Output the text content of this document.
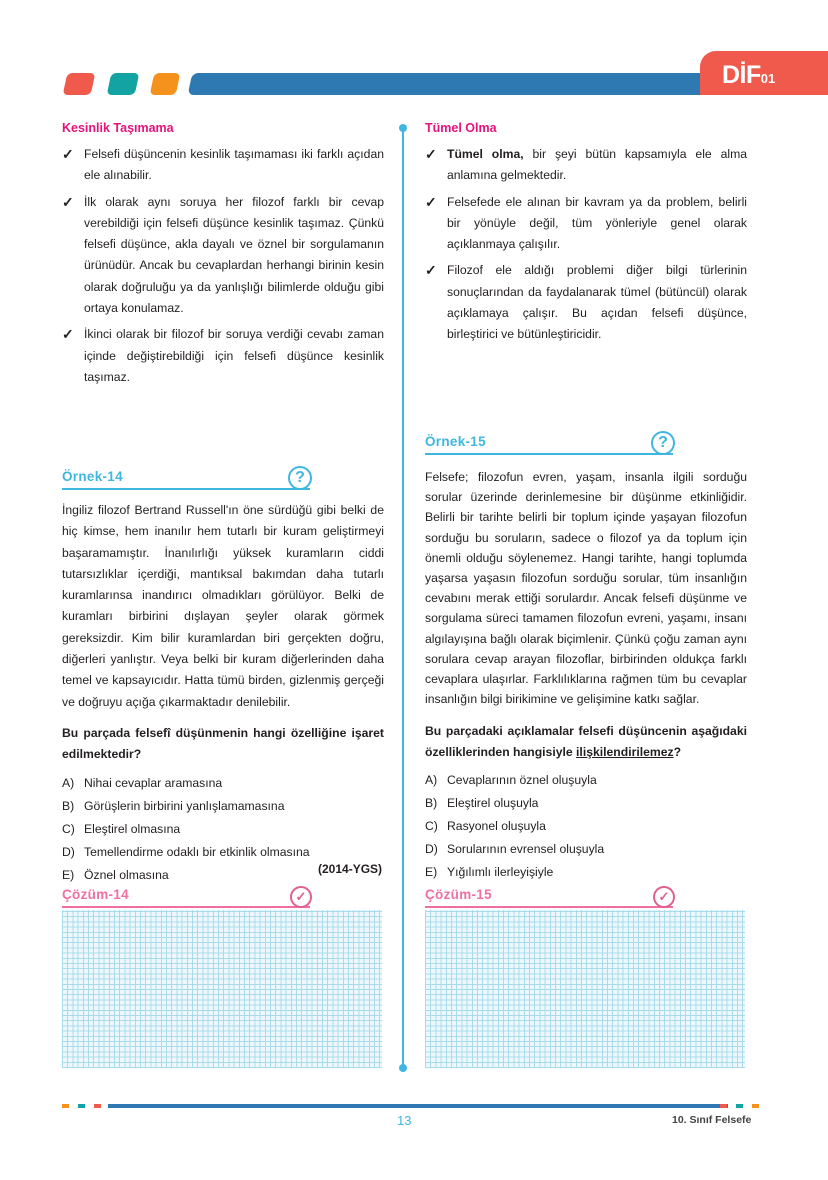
DİF01
Kesinlik Taşımama
✓ Felsefi düşüncenin kesinlik taşımaması iki farklı açıdan ele alınabilir.
✓ İlk olarak aynı soruya her filozof farklı bir cevap verebildiği için felsefi düşünce kesinlik taşımaz. Çünkü felsefi düşünce, akla dayalı ve öznel bir sorgulamanın ürünüdür. Ancak bu cevaplardan herhangi birinin kesin olarak doğruluğu ya da yanlışlığı bilimlerde olduğu gibi ortaya konulamaz.
✓ İkinci olarak bir filozof bir soruya verdiği cevabı zaman içinde değiştirebildiği için felsefi düşünce kesinlik taşımaz.
Örnek-14	?
İngiliz filozof Bertrand Russell'ın öne sürdüğü gibi belki de hiç kimse, hem inanılır hem tutarlı bir kuram geliştirmeyi başaramamıştır. İnanılırlığı yüksek kuramların ciddi tutarsızlıklar içerdiği, mantıksal bakımdan daha tutarlı kuramlarınsa inandırıcı olmadıkları görülüyor. Belki de kuramları birbirini dışlayan şeyler olarak görmek gereksizdir. Kim bilir kuramlardan biri gerçekten doğru, diğerleri yanlıştır. Veya belki bir kuram diğerlerinden daha temel ve kapsayıcıdır. Hatta tümü birden, gizlenmiş gerçeği ve doğruyu açığa çıkarmaktadır denilebilir.
Bu parçada felsefî düşünmenin hangi özelliğine işaret edilmektedir?
A) Nihai cevaplar aramasına
B) Görüşlerin birbirini yanlışlamamasına
C) Eleştirel olmasına
D) Temellendirme odaklı bir etkinlik olmasına
E) Öznel olmasına	(2014-YGS)
Çözüm-14	✓
Tümel Olma
✓ Tümel olma, bir şeyi bütün kapsamıyla ele alma anlamına gelmektedir.
✓ Felsefede ele alınan bir kavram ya da problem, belirli bir yönüyle değil, tüm yönleriyle genel olarak açıklanmaya çalışılır.
✓ Filozof ele aldığı problemi diğer bilgi türlerinin sonuçlarından da faydalanarak tümel (bütüncül) olarak açıklamaya çalışır. Bu açıdan felsefi düşünce, birleştirici ve bütünleştiricidir.
Örnek-15	?
Felsefe; filozofun evren, yaşam, insanla ilgili sorduğu sorular üzerinde derinlemesine bir düşünme etkinliğidir. Belirli bir tarihte belirli bir toplum içinde yaşayan filozofun sorduğu bu soruların, sadece o filozof ya da toplum için önemli olduğu söylenemez. Hangi tarihte, hangi toplumda yaşarsa yaşasın filozofun sorduğu sorular, tüm insanlığın cevabını merak ettiği sorulardır. Ancak felsefi düşünme ve sorgulama süreci tamamen filozofun evreni, yaşamı, insanı algılayışına bağlı olarak biçimlenir. Çünkü çoğu zaman aynı sorulara cevap arayan filozoflar, birbirinden oldukça farklı cevaplara ulaşırlar. Farklılıklarına rağmen tüm bu cevaplar insanlığın bilgi birikimine ve gelişimine katkı sağlar.
Bu parçadaki açıklamalar felsefi düşüncenin aşağıdaki özelliklerinden hangisiyle ilişkilendirilemez?
A) Cevaplarının öznel oluşuyla
B) Eleştirel oluşuyla
C) Rasyonel oluşuyla
D) Sorularının evrensel oluşuyla
E) Yığılımlı ilerleyişiyle
Çözüm-15	✓
13	10. Sınıf Felsefe
